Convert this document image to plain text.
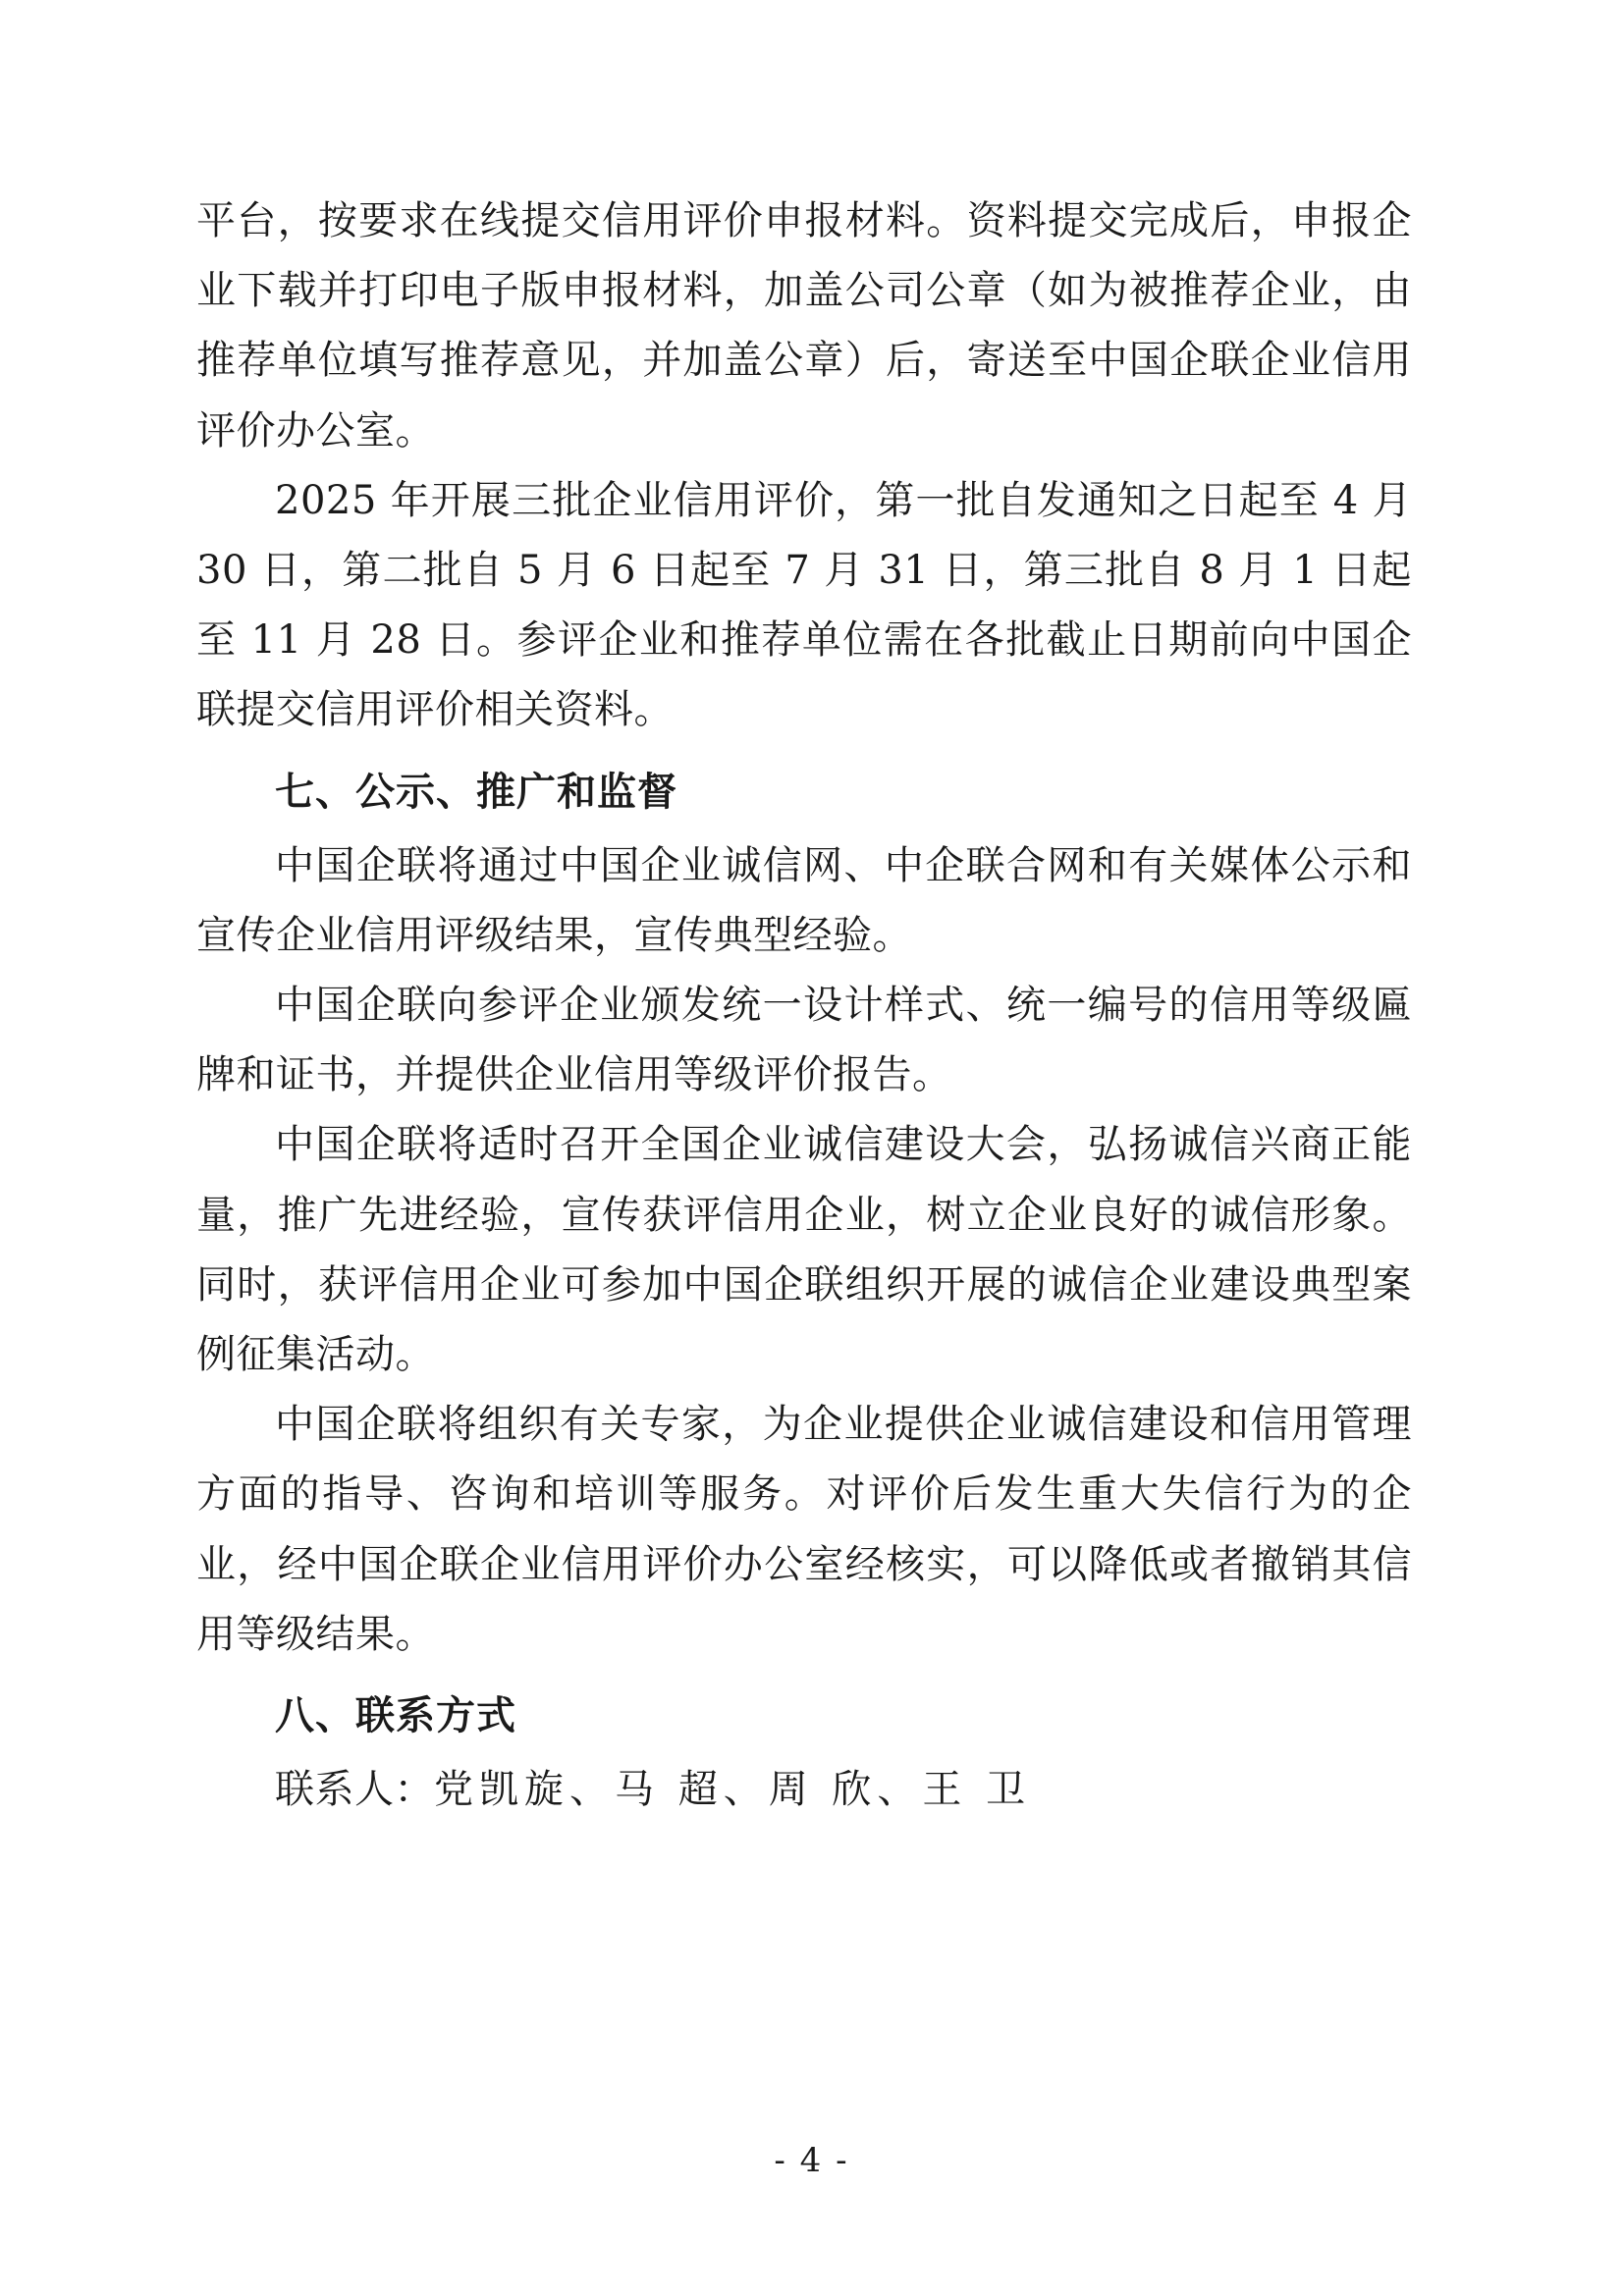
平台，按要求在线提交信用评价申报材料。资料提交完成后，申报企业下载并打印电子版申报材料，加盖公司公章（如为被推荐企业，由推荐单位填写推荐意见，并加盖公章）后，寄送至中国企联企业信用评价办公室。

2025 年开展三批企业信用评价，第一批自发通知之日起至 4 月 30 日，第二批自 5 月 6 日起至 7 月 31 日，第三批自 8 月 1 日起至 11 月 28 日。参评企业和推荐单位需在各批截止日期前向中国企联提交信用评价相关资料。

七、公示、推广和监督

中国企联将通过中国企业诚信网、中企联合网和有关媒体公示和宣传企业信用评级结果，宣传典型经验。

中国企联向参评企业颁发统一设计样式、统一编号的信用等级匾牌和证书，并提供企业信用等级评价报告。

中国企联将适时召开全国企业诚信建设大会，弘扬诚信兴商正能量，推广先进经验，宣传获评信用企业，树立企业良好的诚信形象。同时，获评信用企业可参加中国企联组织开展的诚信企业建设典型案例征集活动。

中国企联将组织有关专家，为企业提供企业诚信建设和信用管理方面的指导、咨询和培训等服务。对评价后发生重大失信行为的企业，经中国企联企业信用评价办公室经核实，可以降低或者撤销其信用等级结果。

八、联系方式

联系人：党凯旋、马 超、周 欣、王 卫

- 4 -
